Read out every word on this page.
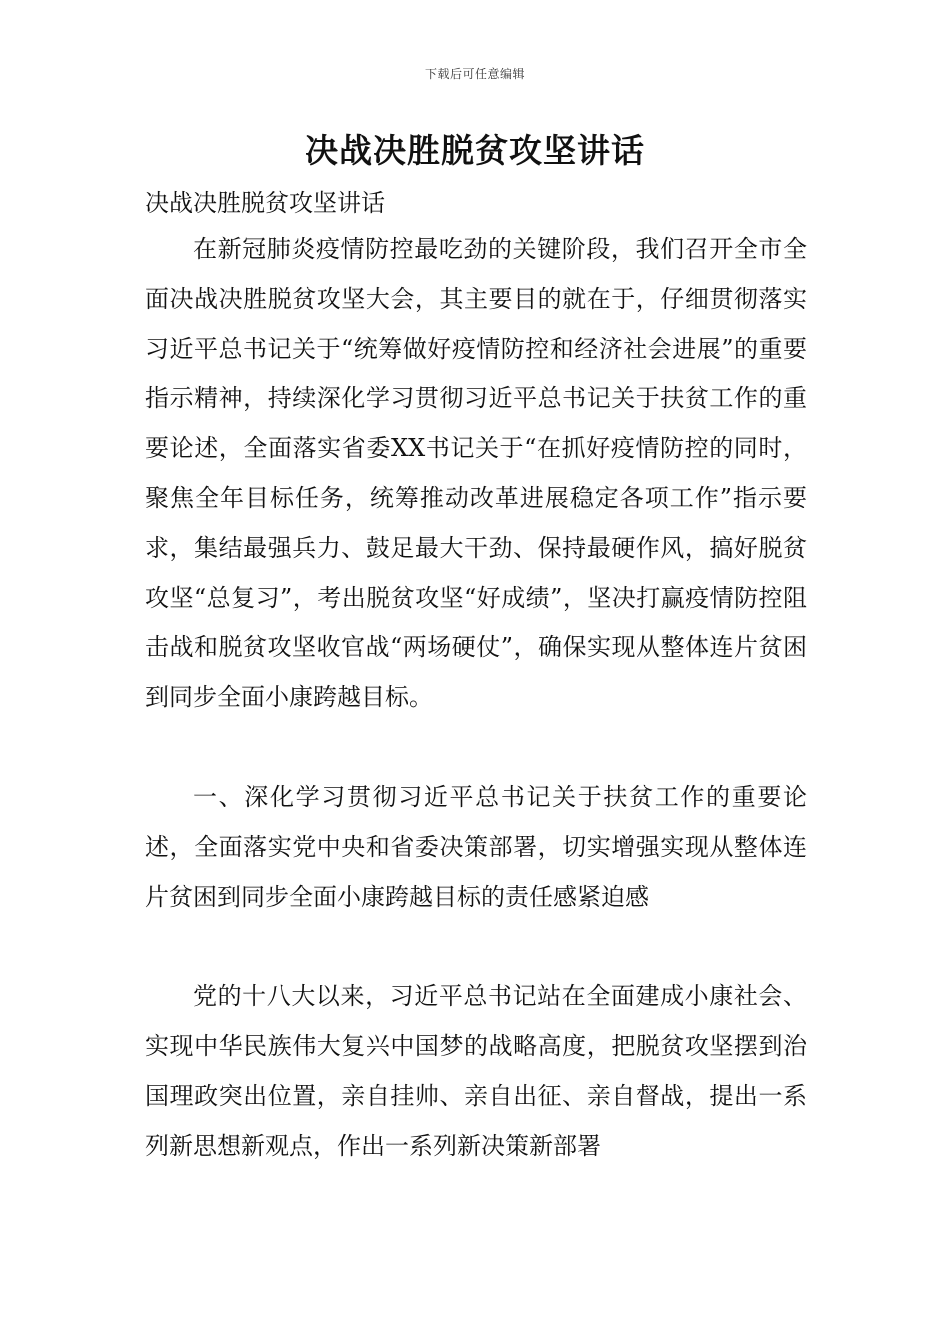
下载后可任意编辑
决战决胜脱贫攻坚讲话
决战决胜脱贫攻坚讲话

在新冠肺炎疫情防控最吃劲的关键阶段，我们召开全市全面决战决胜脱贫攻坚大会，其主要目的就在于，仔细贯彻落实习近平总书记关于“统筹做好疫情防控和经济社会进展”的重要指示精神，持续深化学习贯彻习近平总书记关于扶贫工作的重要论述，全面落实省委XX书记关于“在抓好疫情防控的同时，聚焦全年目标任务，统筹推动改革进展稳定各项工作”指示要求，集结最强兵力、鼓足最大干劲、保持最硬作风，搞好脱贫攻坚“总复习”，考出脱贫攻坚“好成绩”，坚决打赢疫情防控阻击战和脱贫攻坚收官战“两场硬仗”，确保实现从整体连片贫困到同步全面小康跨越目标。

一、深化学习贯彻习近平总书记关于扶贫工作的重要论述，全面落实党中央和省委决策部署，切实增强实现从整体连片贫困到同步全面小康跨越目标的责任感紧迫感

党的十八大以来，习近平总书记站在全面建成小康社会、实现中华民族伟大复兴中国梦的战略高度，把脱贫攻坚摆到治国理政突出位置，亲自挂帅、亲自出征、亲自督战，提出一系列新思想新观点，作出一系列新决策新部署
